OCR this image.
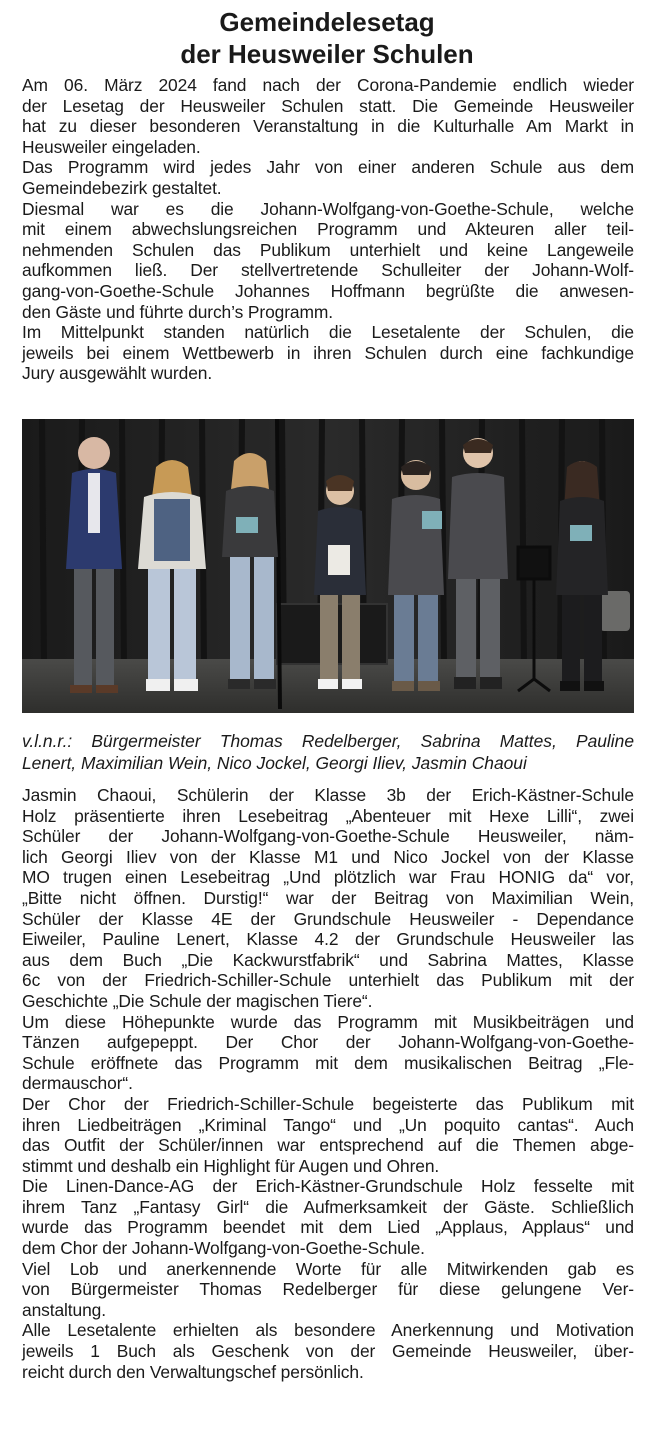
Gemeindelesetag
der Heusweiler Schulen
Am 06. März 2024 fand nach der Corona-Pandemie endlich wieder
der Lesetag der Heusweiler Schulen statt. Die Gemeinde Heusweiler
hat zu dieser besonderen Veranstaltung in die Kulturhalle Am Markt in
Heusweiler eingeladen.
Das Programm wird jedes Jahr von einer anderen Schule aus dem
Gemeindebezirk gestaltet.
Diesmal war es die Johann-Wolfgang-von-Goethe-Schule, welche
mit einem abwechslungsreichen Programm und Akteuren aller teil-
nehmenden Schulen das Publikum unterhielt und keine Langeweile
aufkommen ließ. Der stellvertretende Schulleiter der Johann-Wolf-
gang-von-Goethe-Schule Johannes Hoffmann begrüßte die anwesen-
den Gäste und führte durch’s Programm.
Im Mittelpunkt standen natürlich die Lesetalente der Schulen, die
jeweils bei einem Wettbewerb in ihren Schulen durch eine fachkundige
Jury ausgewählt wurden.
v.l.n.r.: Bürgermeister Thomas Redelberger, Sabrina Mattes, Pauline
Lenert, Maximilian Wein, Nico Jockel, Georgi Iliev, Jasmin Chaoui
Jasmin Chaoui, Schülerin der Klasse 3b der Erich-Kästner-Schule
Holz präsentierte ihren Lesebeitrag „Abenteuer mit Hexe Lilli“, zwei
Schüler der Johann-Wolfgang-von-Goethe-Schule Heusweiler, näm-
lich Georgi Iliev von der Klasse M1 und Nico Jockel von der Klasse
MO trugen einen Lesebeitrag „Und plötzlich war Frau HONIG da“ vor,
„Bitte nicht öffnen. Durstig!“ war der Beitrag von Maximilian Wein,
Schüler der Klasse 4E der Grundschule Heusweiler - Dependance
Eiweiler, Pauline Lenert, Klasse 4.2 der Grundschule Heusweiler las
aus dem Buch „Die Kackwurstfabrik“ und Sabrina Mattes, Klasse
6c von der Friedrich-Schiller-Schule unterhielt das Publikum mit der
Geschichte „Die Schule der magischen Tiere“.
Um diese Höhepunkte wurde das Programm mit Musikbeiträgen und
Tänzen aufgepeppt. Der Chor der Johann-Wolfgang-von-Goethe-
Schule eröffnete das Programm mit dem musikalischen Beitrag „Fle-
dermauschor“.
Der Chor der Friedrich-Schiller-Schule begeisterte das Publikum mit
ihren Liedbeiträgen „Kriminal Tango“ und „Un poquito cantas“. Auch
das Outfit der Schüler/innen war entsprechend auf die Themen abge-
stimmt und deshalb ein Highlight für Augen und Ohren.
Die Linen-Dance-AG der Erich-Kästner-Grundschule Holz fesselte mit
ihrem Tanz „Fantasy Girl“ die Aufmerksamkeit der Gäste. Schließlich
wurde das Programm beendet mit dem Lied „Applaus, Applaus“ und
dem Chor der Johann-Wolfgang-von-Goethe-Schule.
Viel Lob und anerkennende Worte für alle Mitwirkenden gab es
von Bürgermeister Thomas Redelberger für diese gelungene Ver-
anstaltung.
Alle Lesetalente erhielten als besondere Anerkennung und Motivation
jeweils 1 Buch als Geschenk von der Gemeinde Heusweiler, über-
reicht durch den Verwaltungschef persönlich.
